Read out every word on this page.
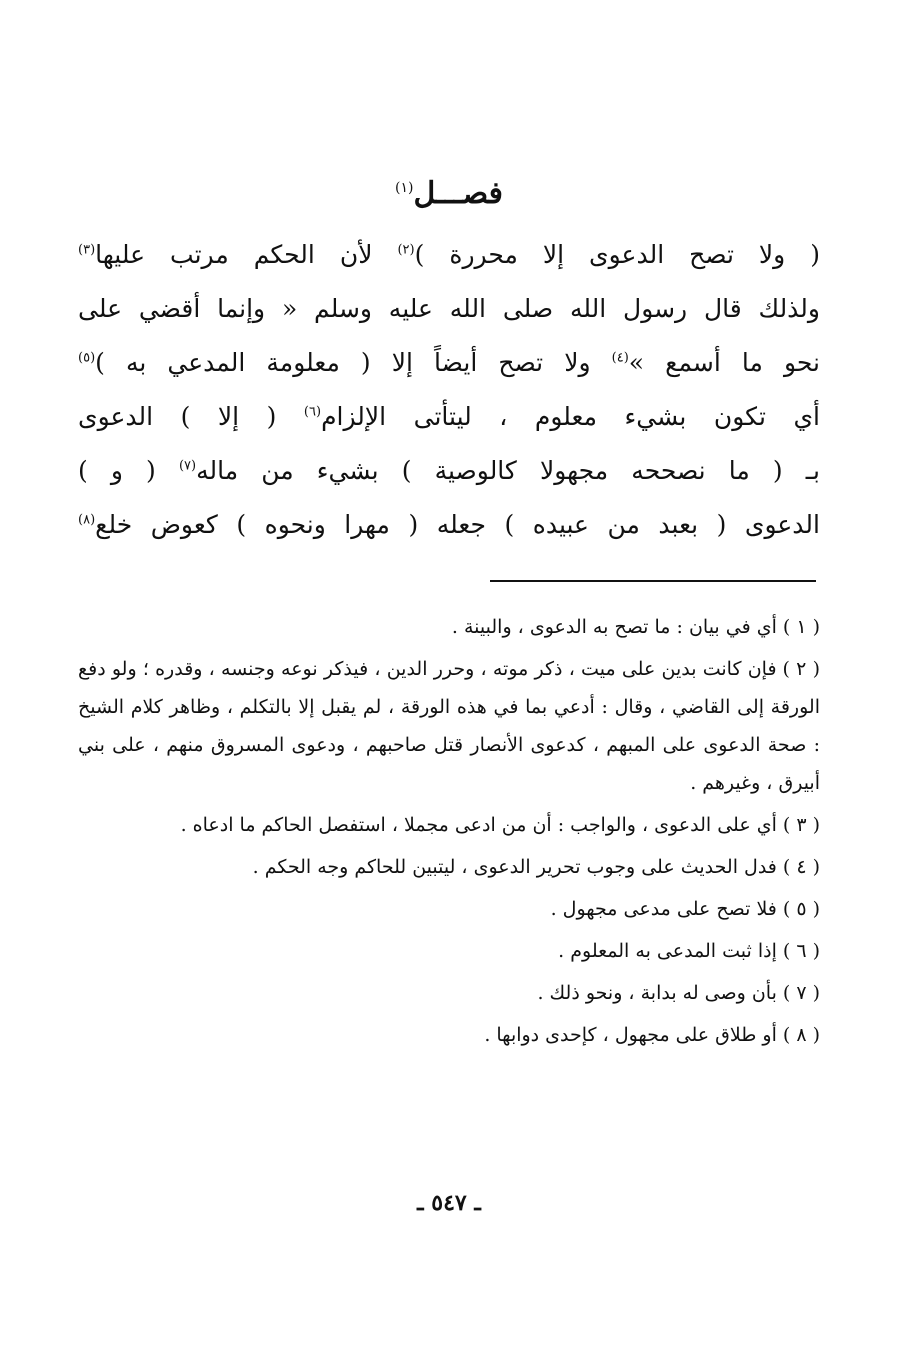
فصـــل$^{(١)}$
( ولا تصح الدعوى إلا محررة )$^{(٢)}$ لأن الحكم مرتب عليها$^{(٣)}$
ولذلك قال رسول الله صلى الله عليه وسلم « وإنما أقضي على
نحو ما أسمع »$^{(٤)}$ ولا تصح أيضاً إلا ( معلومة المدعي به )$^{(٥)}$
أي تكون بشيء معلوم ، ليتأتى الإلزام$^{(٦)}$ ( إلا ) الدعوى
بـ ( ما نصححه مجهولا كالوصية ) بشيء من ماله$^{(٧)}$ ( و )
الدعوى ( بعبد من عبيده ) جعله ( مهرا ونحوه ) كعوض خلع$^{(٨)}$
( ١ )أي في بيان : ما تصح به الدعوى ، والبينة .
( ٢ )فإن كانت بدين على ميت ، ذكر موته ، وحرر الدين ، فيذكر نوعه وجنسه ، وقدره ؛ ولو دفع الورقة إلى القاضي ، وقال : أدعي بما في هذه الورقة ، لم يقبل إلا بالتكلم ، وظاهر كلام الشيخ : صحة الدعوى على المبهم ، كدعوى الأنصار قتل صاحبهم ، ودعوى المسروق منهم ، على بني أبيرق ، وغيرهم .
( ٣ )أي على الدعوى ، والواجب : أن من ادعى مجملا ، استفصل الحاكم ما ادعاه .
( ٤ )فدل الحديث على وجوب تحرير الدعوى ، ليتبين للحاكم وجه الحكم .
( ٥ )فلا تصح على مدعى مجهول .
( ٦ )إذا ثبت المدعى به المعلوم .
( ٧ )بأن وصى له بدابة ، ونحو ذلك .
( ٨ )أو طلاق على مجهول ، كإحدى دوابها .
ـ ٥٤٧ ـ
